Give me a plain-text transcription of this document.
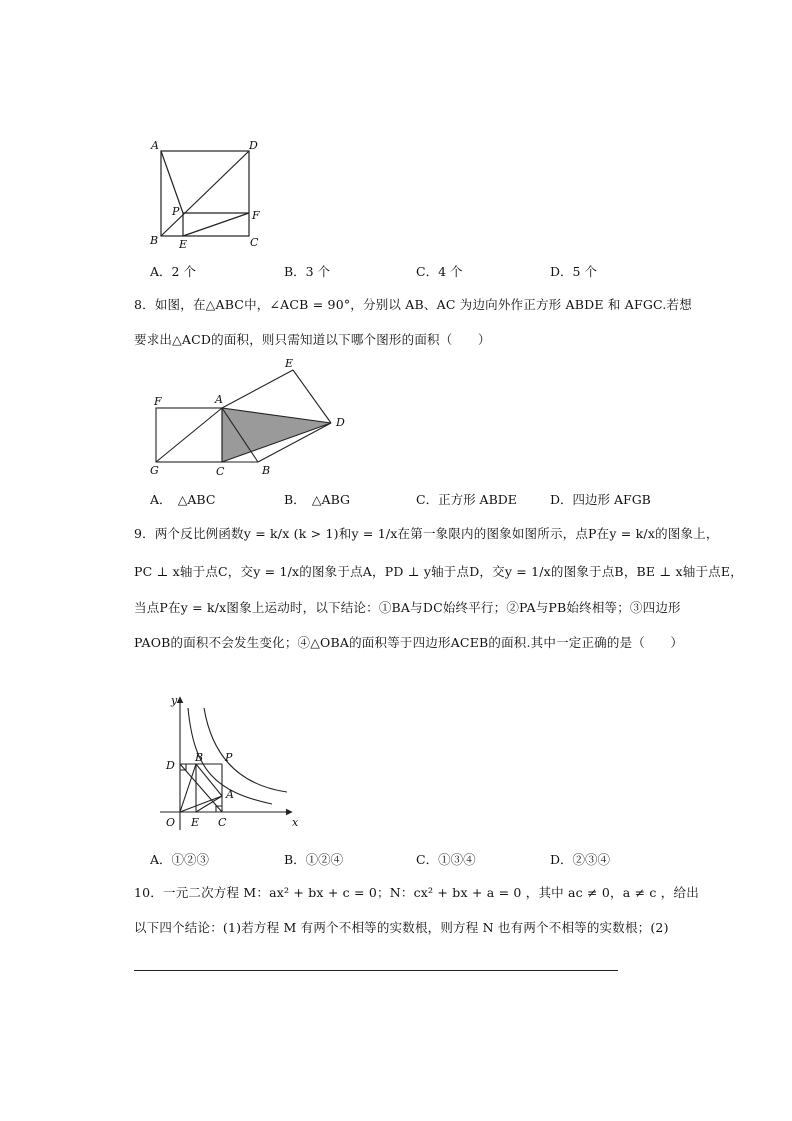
A	D
P	F
B E	C
A．2 个	B．3 个	C．4 个	D．5 个
8．如图，在△ABC中，∠ACB = 90°，分别以 AB、AC 为边向外作正方形 ABDE 和 AFGC.若想
要求出△ACD的面积，则只需知道以下哪个图形的面积（　　）
E
F	A
D
G	C	B
A．　△ABC	B．　△ABG	C．正方形 ABDE	D．四边形 AFGB
9．两个反比例函数y = k/x (k > 1)和y = 1/x在第一象限内的图象如图所示，点P在y = k/x的图象上，
PC ⊥ x轴于点C，交y = 1/x的图象于点A，PD ⊥ y轴于点D，交y = 1/x的图象于点B，BE ⊥ x轴于点E，
当点P在y = k/x图象上运动时，以下结论：①BA与DC始终平行；②PA与PB始终相等；③四边形
PAOB的面积不会发生变化；④△OBA的面积等于四边形ACEB的面积.其中一定正确的是（　　）
y
x
O
D
B P
A
E C
A．①②③	B．①②④	C．①③④	D．②③④
10．一元二次方程 M：ax² + bx + c = 0；N：cx² + bx + a = 0 ，其中 ac ≠ 0，a ≠ c ，给出
以下四个结论：(1)若方程 M 有两个不相等的实数根，则方程 N 也有两个不相等的实数根；(2)
